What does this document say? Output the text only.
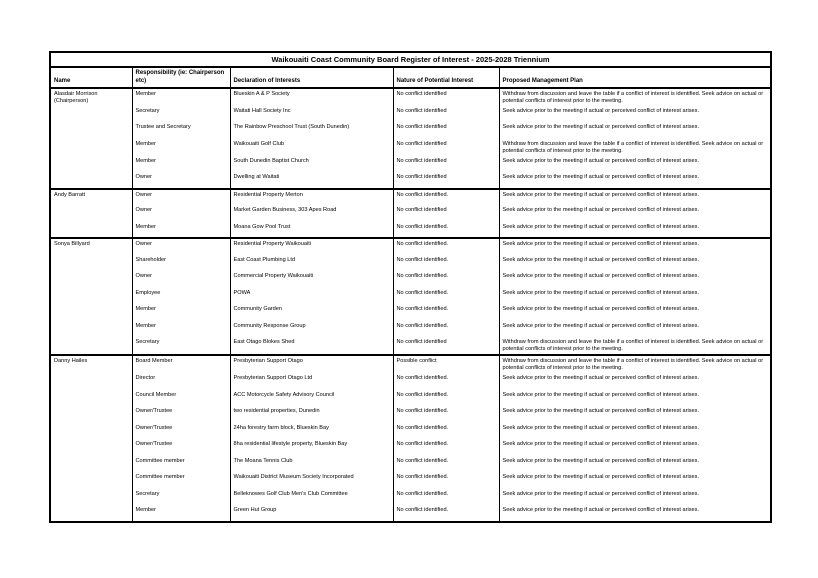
Waikouaiti Coast Community Board Register of Interest - 2025-2028 Triennium				
Name	Responsibility (ie: Chairperson etc)	Declaration of Interests	Nature of Potential Interest	Proposed Management Plan
Alasdair Morrison (Chairperson)	Member	Blueskin A & P Society	No conflict identified	Withdraw from discussion and leave the table if a conflict of interest is identified. Seek advice on actual or potential conflicts of interest prior to the meeting.
	Secretary	Waitati Hall Society Inc	No conflict identified	Seek advice prior to the meeting if actual or perceived conflict of interest arises.
	Trustee and Secretary	The Rainbow Preschool Trust (South Dunedin)	No conflict identified	Seek advice prior to the meeting if actual or perceived conflict of interest arises.
	Member	Waikouaiti Golf Club	No conflict identified	Withdraw from discussion and leave the table if a conflict of interest is identified. Seek advice on actual or potential conflicts of interest prior to the meeting.
	Member	South Dunedin Baptist Church	No conflict identified	Seek advice prior to the meeting if actual or perceived conflict of interest arises.
	Owner	Dwelling at Waitati	No conflict identified	Seek advice prior to the meeting if actual or perceived conflict of interest arises.
Andy Barratt	Owner	Residential Property Merton	No conflict identified.	Seek advice prior to the meeting if actual or perceived conflict of interest arises.
	Owner	Market Garden Business, 303 Apes Road	No conflict identified	Seek advice prior to the meeting if actual or perceived conflict of interest arises.
	Member	Moana Gow Pool Trust	No conflict identified.	Seek advice prior to the meeting if actual or perceived conflict of interest arises.
Sonya Billyard	Owner	Residential Property Waikouaiti	No conflict identified.	Seek advice prior to the meeting if actual or perceived conflict of interest arises.
	Shareholder	East Coast Plumbing Ltd	No conflict identified.	Seek advice prior to the meeting if actual or perceived conflict of interest arises.
	Owner	Commercial Property Waikouaiti	No conflict identified.	Seek advice prior to the meeting if actual or perceived conflict of interest arises.
	Employee	POWA	No conflict identified.	Seek advice prior to the meeting if actual or perceived conflict of interest arises.
	Member	Community Garden	No conflict identified.	Seek advice prior to the meeting if actual or perceived conflict of interest arises.
	Member	Community Response Group	No conflict identified.	Seek advice prior to the meeting if actual or perceived conflict of interest arises.
	Secretary	East Otago Blokes Shed	No conflict identified	Withdraw from discussion and leave the table if a conflict of interest is identified. Seek advice on actual or potential conflicts of interest prior to the meeting.
Danny Hailes	Board Member	Presbyterian Support Otago	Possible conflict	Withdraw from discussion and leave the table if a conflict of interest is identified. Seek advice on actual or potential conflicts of interest prior to the meeting.
	Director	Presbyterian Support Otago Ltd	No conflict identified.	Seek advice prior to the meeting if actual or perceived conflict of interest arises.
	Council Member	ACC Motorcycle Safety Advisory Council	No conflict identified.	Seek advice prior to the meeting if actual or perceived conflict of interest arises.
	Owner/Trustee	two residential properties, Dunedin	No conflict identified.	Seek advice prior to the meeting if actual or perceived conflict of interest arises.
	Owner/Trustee	24ha forestry farm block, Blueskin Bay	No conflict identified.	Seek advice prior to the meeting if actual or perceived conflict of interest arises.
	Owner/Trustee	8ha residential lifestyle property, Blueskin Bay	No conflict identified.	Seek advice prior to the meeting if actual or perceived conflict of interest arises.
	Committee member	The Moana Tennis Club	No conflict identified.	Seek advice prior to the meeting if actual or perceived conflict of interest arises.
	Committee member	Waikouaiti District Museum Society Incorporated	No conflict identified.	Seek advice prior to the meeting if actual or perceived conflict of interest arises.
	Secretary	Belleknowes Golf Club Men's Club Committee	No conflict identified.	Seek advice prior to the meeting if actual or perceived conflict of interest arises.
	Member	Green Hut Group	No conflict identified.	Seek advice prior to the meeting if actual or perceived conflict of interest arises.
